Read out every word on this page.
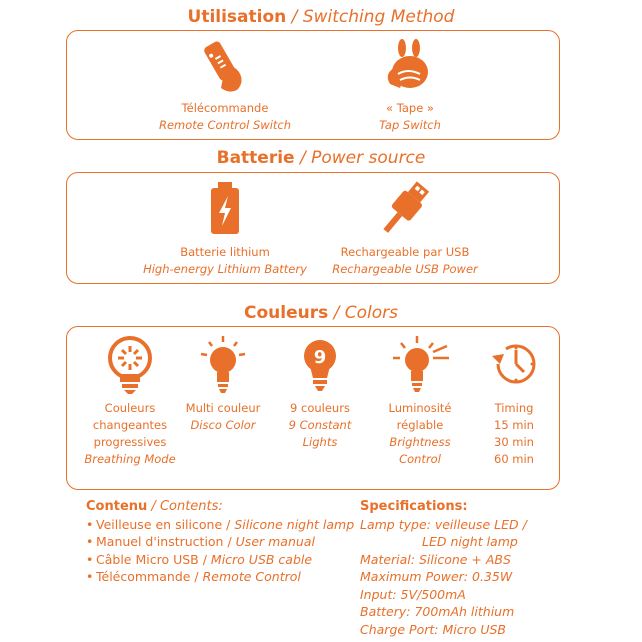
Utilisation / Switching Method
Télécommande
Remote Control Switch
« Tape »
Tap Switch
Batterie / Power source
Batterie lithium
High-energy Lithium Battery
Rechargeable par USB
Rechargeable USB Power
Couleurs / Colors
Couleurs
changeantes
progressives
Breathing Mode
Multi couleur
Disco Color
9
9 couleurs
9 Constant
Lights
Luminosité
réglable
Brightness
Control
Timing
15 min
30 min
60 min
Contenu / Contents:
• Veilleuse en silicone / Silicone night lamp
• Manuel d'instruction / User manual
• Câble Micro USB / Micro USB cable
• Télécommande / Remote Control
Specifications:
Lamp type: veilleuse LED /
LED night lamp
Material: Silicone + ABS
Maximum Power: 0.35W
Input: 5V/500mA
Battery: 700mAh lithium
Charge Port: Micro USB
